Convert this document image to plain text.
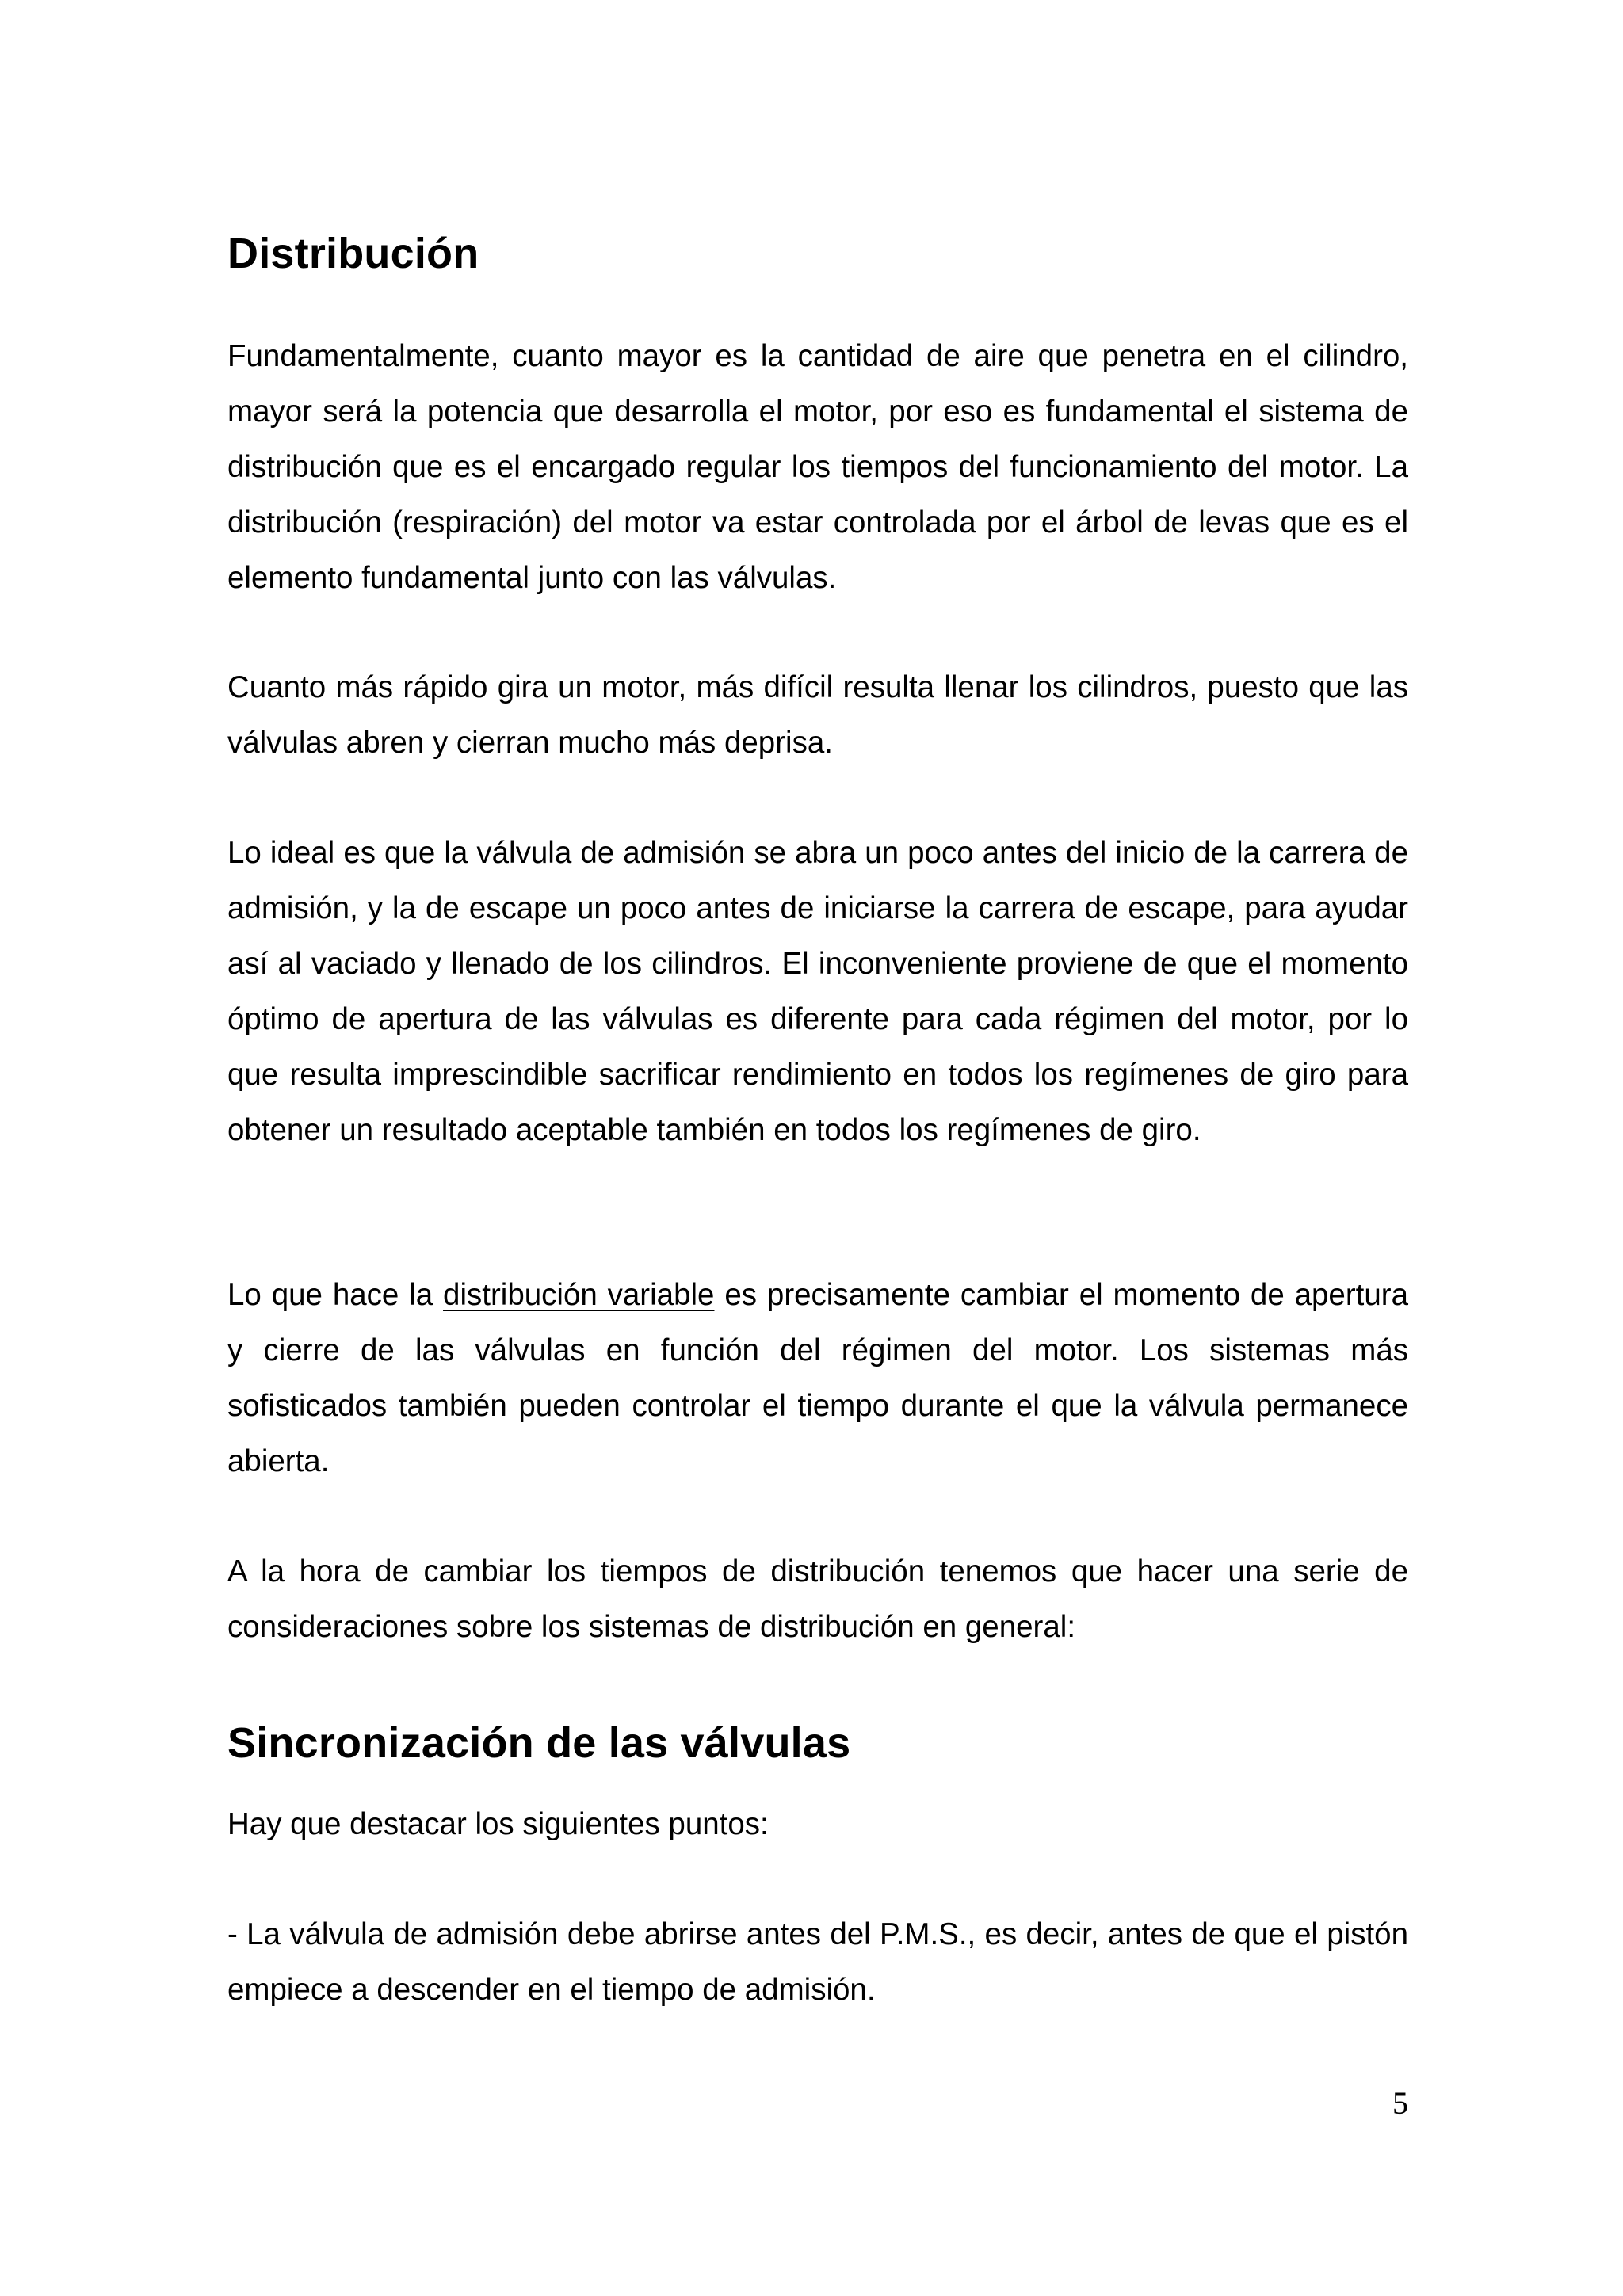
Distribución

Fundamentalmente, cuanto mayor es la cantidad de aire que penetra en el cilindro, mayor será la potencia que desarrolla el motor, por eso es fundamental el sistema de distribución que es el encargado regular los tiempos del funcionamiento del motor. La distribución (respiración) del motor va estar controlada por el árbol de levas que es el elemento fundamental junto con las válvulas.

Cuanto más rápido gira un motor, más difícil resulta llenar los cilindros, puesto que las válvulas abren y cierran mucho más deprisa.

Lo ideal es que la válvula de admisión se abra un poco antes del inicio de la carrera de admisión, y la de escape un poco antes de iniciarse la carrera de escape, para ayudar así al vaciado y llenado de los cilindros. El inconveniente proviene de que el momento óptimo de apertura de las válvulas es diferente para cada régimen del motor, por lo que resulta imprescindible sacrificar rendimiento en todos los regímenes de giro para obtener un resultado aceptable también en todos los regímenes de giro.

Lo que hace la distribución variable es precisamente cambiar el momento de apertura y cierre de las válvulas en función del régimen del motor. Los sistemas más sofisticados también pueden controlar el tiempo durante el que la válvula permanece abierta.

A la hora de cambiar los tiempos de distribución tenemos que hacer una serie de consideraciones sobre los sistemas de distribución en general:

Sincronización de las válvulas

Hay que destacar los siguientes puntos:

- La válvula de admisión debe abrirse antes del P.M.S., es decir, antes de que el pistón empiece a descender en el tiempo de admisión.

5
